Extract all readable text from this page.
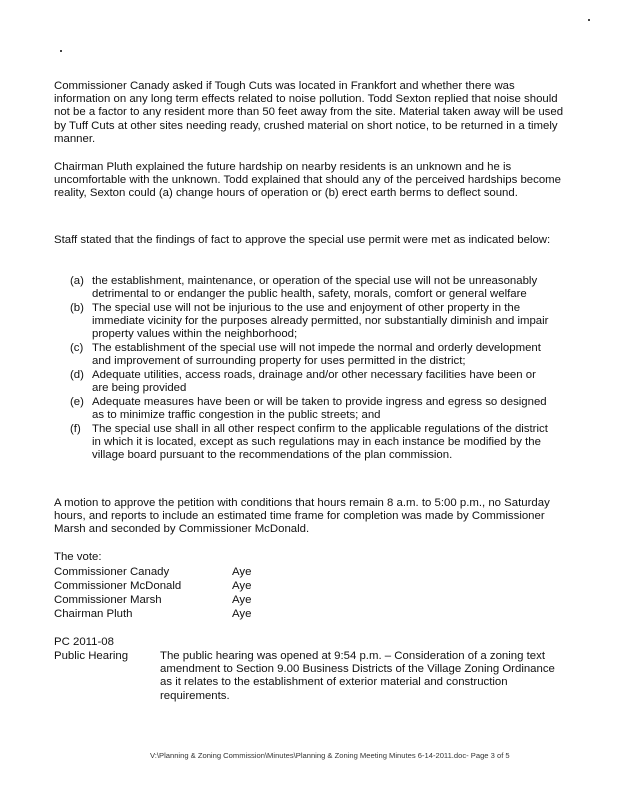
Commissioner Canady asked if Tough Cuts was located in Frankfort and whether there was information on any long term effects related to noise pollution. Todd Sexton replied that noise should not be a factor to any resident more than 50 feet away from the site. Material taken away will be used by Tuff Cuts at other sites needing ready, crushed material on short notice, to be returned in a timely manner.

Chairman Pluth explained the future hardship on nearby residents is an unknown and he is uncomfortable with the unknown. Todd explained that should any of the perceived hardships become reality, Sexton could (a) change hours of operation or (b) erect earth berms to deflect sound.

Staff stated that the findings of fact to approve the special use permit were met as indicated below:

(a) the establishment, maintenance, or operation of the special use will not be unreasonably detrimental to or endanger the public health, safety, morals, comfort or general welfare
(b) The special use will not be injurious to the use and enjoyment of other property in the immediate vicinity for the purposes already permitted, nor substantially diminish and impair property values within the neighborhood;
(c) The establishment of the special use will not impede the normal and orderly development and improvement of surrounding property for uses permitted in the district;
(d) Adequate utilities, access roads, drainage and/or other necessary facilities have been or are being provided
(e) Adequate measures have been or will be taken to provide ingress and egress so designed as to minimize traffic congestion in the public streets; and
(f) The special use shall in all other respect confirm to the applicable regulations of the district in which it is located, except as such regulations may in each instance be modified by the village board pursuant to the recommendations of the plan commission.

A motion to approve the petition with conditions that hours remain 8 a.m. to 5:00 p.m., no Saturday hours, and reports to include an estimated time frame for completion was made by Commissioner Marsh and seconded by Commissioner McDonald.

The vote:

Commissioner Canady	Aye
Commissioner McDonald	Aye
Commissioner Marsh	Aye
Chairman Pluth	Aye
PC 2011-08
Public Hearing	The public hearing was opened at 9:54 p.m. – Consideration of a zoning text amendment to Section 9.00 Business Districts of the Village Zoning Ordinance as it relates to the establishment of exterior material and construction requirements.

V:\Planning & Zoning Commission\Minutes\Planning & Zoning Meeting Minutes 6-14-2011.doc- Page 3 of 5
